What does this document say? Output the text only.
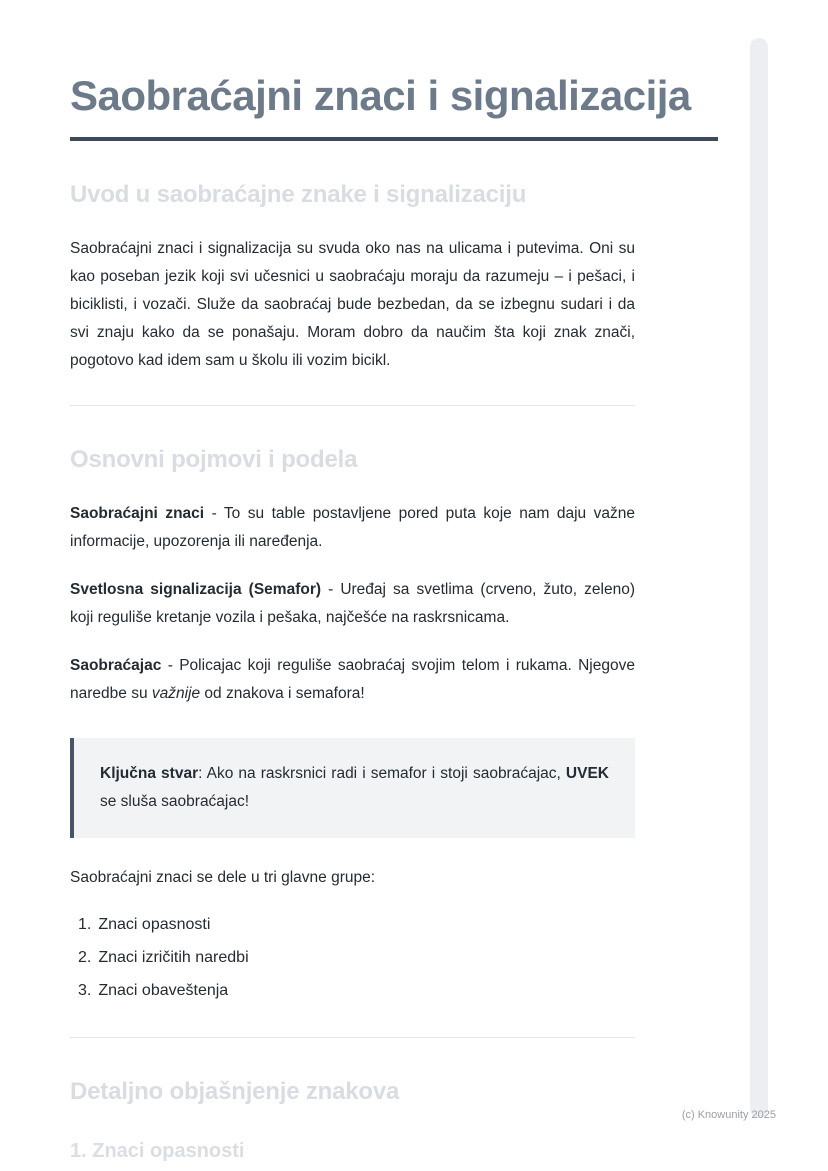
Saobraćajni znaci i signalizacija
Uvod u saobraćajne znake i signalizaciju

Saobraćajni znaci i signalizacija su svuda oko nas na ulicama i putevima. Oni su kao poseban jezik koji svi učesnici u saobraćaju moraju da razumeju – i pešaci, i biciklisti, i vozači. Služe da saobraćaj bude bezbedan, da se izbegnu sudari i da svi znaju kako da se ponašaju. Moram dobro da naučim šta koji znak znači, pogotovo kad idem sam u školu ili vozim bicikl.

Osnovni pojmovi i podela

Saobraćajni znaci - To su table postavljene pored puta koje nam daju važne informacije, upozorenja ili naređenja.

Svetlosna signalizacija (Semafor) - Uređaj sa svetlima (crveno, žuto, zeleno) koji reguliše kretanje vozila i pešaka, najčešće na raskrsnicama.

Saobraćajac - Policajac koji reguliše saobraćaj svojim telom i rukama. Njegove naredbe su važnije od znakova i semafora!

Ključna stvar: Ako na raskrsnici radi i semafor i stoji saobraćajac, UVEK se sluša saobraćajac!

Saobraćajni znaci se dele u tri glavne grupe:

1. Znaci opasnosti
2. Znaci izričitih naredbi
3. Znaci obaveštenja
Detaljno objašnjenje znakova
1. Znaci opasnosti
(c) Knowunity 2025
